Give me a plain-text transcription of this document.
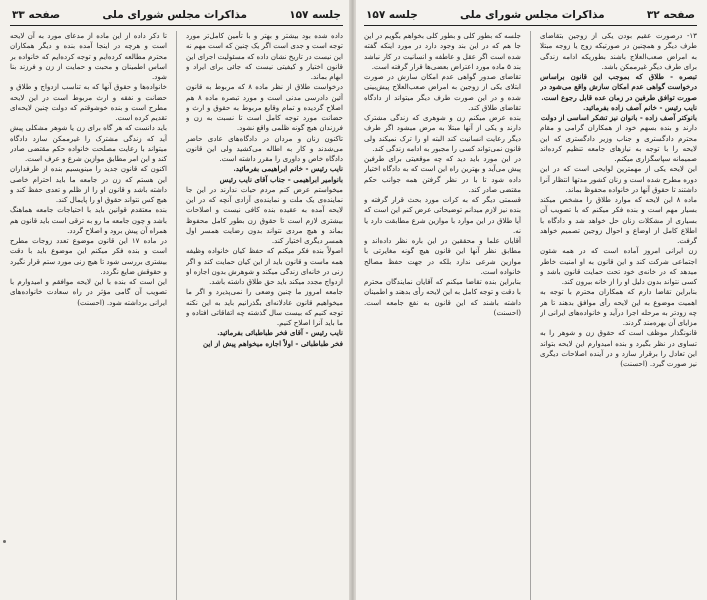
جلسه ۱۵۷
مذاکرات مجلس شورای ملی
صفحه ۳۳

داده شده بود بیشتر و بهتر و با تأمین کامل‌تر مورد توجه است و جدی است اگر یک چنین که است مهم نه این نیست در تاریخ نشان داده که مسئولیت اجرای این قانون اختیار و کیفیتی نیست که جائی برای ایراد و ابهام بماند.

درخواست طلاق از نظر ماده ۸ که مربوط به قانون آئین دادرسی مدنی است و مورد تبصره ماده ۸ هم اصلاح گردیده و تمام وقایع مربوط به حقوق و ارث و حضانت مورد توجه کامل است تا نسبت به زن و فرزندان هیچ گونه ظلمی واقع نشود.

تاکنون زنان و مردان در دادگاه‌های عادی حاضر می‌شدند و کار به اطاله می‌کشید ولی این قانون دادگاه خاص و داوری را مقرر داشته است.

نایب رئیس - خانم ابراهیمی بفرمائید.

بانوامیر ابراهیمی - جناب آقای نایب رئیس

میخواستم عرض کنم مردم حیات ندارند در این جا نماینده‌ی یک ملت و نماینده‌ی آزادی آنچه که در این لایحه آمده به عقیده بنده کافی نیست و اصلاحات بیشتری لازم است تا حقوق زن بطور کامل محفوظ بماند و هیچ مردی نتواند بدون رضایت همسر اول همسر دیگری اختیار کند.

اصولاً بنده فکر میکنم که حفظ کیان خانواده وظیفه همه ماست و قانون باید از این کیان حمایت کند و اگر زنی در خانه‌ای زندگی میکند و شوهرش بدون اجازه او ازدواج مجدد میکند باید حق طلاق داشته باشد.

جامعه امروز ما چنین وضعی را نمی‌پذیرد و اگر ما میخواهیم قانون عادلانه‌ای بگذرانیم باید به این نکته توجه کنیم که بیست سال گذشته چه اتفاقاتی افتاده و ما باید آنرا اصلاح کنیم.

نایب رئیس - آقای فخر طباطبائی بفرمائید.

فخر طباطبائی - اولاً اجازه میخواهم پیش از این

تا دکر داده از این ماده از مدعای مورد به آن لایحه است و هرچه در اینجا آمده بنده و دیگر همکاران محترم مطالعه کرده‌ایم و توجه کرده‌ایم که خانواده بر اساس اطمینان و محبت و حمایت از زن و فرزند بنا شود.

خانواده‌ها و حقوق آنها که به تناسب ازدواج و طلاق و حضانت و نفقه و ارث مربوط است در این لایحه مطرح است و بنده خوشوقتم که دولت چنین لایحه‌ای تقدیم کرده است.

باید دانست که هر گاه برای زن یا شوهر مشکلی پیش آید که زندگی مشترک را غیرممکن سازد دادگاه میتواند با رعایت مصلحت خانواده حکم مقتضی صادر کند و این امر مطابق موازین شرع و عرف است.

اکنون که قانون جدید را مینویسیم بنده از طرفداران این هستم که زن در جامعه ما باید احترام خاصی داشته باشد و قانون او را از ظلم و تعدی حفظ کند و هیچ کس نتواند حقوق او را پایمال کند.

بنده معتقدم قوانین باید با احتیاجات جامعه هماهنگ باشد و چون جامعه ما رو به ترقی است باید قانون هم همراه آن پیش برود و اصلاح گردد.

در ماده ۱۷ این قانون موضوع تعدد زوجات مطرح است و بنده فکر میکنم این موضوع باید با دقت بیشتری بررسی شود تا هیچ زنی مورد ستم قرار نگیرد و حقوقش ضایع نگردد.

این است که بنده با این لایحه موافقم و امیدوارم با تصویب آن گامی مؤثر در راه سعادت خانواده‌های ایرانی برداشته شود. (احسنت)

صفحه ۳۲
مذاکرات مجلس شورای ملی
جلسه ۱۵۷

۱۳- درصورت عقیم بودن یکی از زوجین بتقاضای طرف دیگر و همچنین در صورتیکه زوج یا زوجه مبتلا به امراض صعب‌العلاج باشند بطوریکه ادامه زندگی برای طرف دیگر غیرممکن باشد.

تبصره - طلاق که بموجب این قانون براساس درخواست گواهی عدم امکان سازش واقع می‌شود در صورت توافق طرفین در زمان عده قابل رجوع است.

نایب رئیس - خانم آصف زاده بفرمائید.

بانوکتر آصف زاده - بانوان نیز تشکر اساسی از دولت

دارند و بنده بسهم خود از همکاران گرامی و مقام محترم دادگستری و جناب وزیر دادگستری که این لایحه را با توجه به نیازهای جامعه تنظیم کرده‌اند صمیمانه سپاسگزاری میکنم.

این لایحه یکی از مهمترین لوایحی است که در این دوره مطرح شده است و زنان کشور مدتها انتظار آنرا داشتند تا حقوق آنها در خانواده محفوظ بماند.

ماده ۸ این لایحه که موارد طلاق را مشخص میکند بسیار مهم است و بنده فکر میکنم که با تصویب آن بسیاری از مشکلات زنان حل خواهد شد و دادگاه با اطلاع کامل از اوضاع و احوال زوجین تصمیم خواهد گرفت.

زن ایرانی امروز آماده است که در همه شئون اجتماعی شرکت کند و این قانون به او امنیت خاطر میدهد که در خانه‌ی خود تحت حمایت قانون باشد و کسی نتواند بدون دلیل او را از خانه بیرون کند.

بنابراین تقاضا دارم که همکاران محترم با توجه به اهمیت موضوع به این لایحه رأی موافق بدهند تا هر چه زودتر به مرحله اجرا درآید و خانواده‌های ایرانی از مزایای آن بهره‌مند گردند.

قانونگذار موظف است که حقوق زن و شوهر را به تساوی در نظر بگیرد و بنده امیدوارم این لایحه بتواند این تعادل را برقرار سازد و در آینده اصلاحات دیگری نیز صورت گیرد. (احسنت)

جلسه که بطور کلی و بطور کلی بخواهم بگویم در این جا هم که در این بند وجود دارد در مورد اینکه گفته شده است اگر عقل و عاطفه و انسانیت در کار نباشد بند ۵ ماده مورد اعتراض بعضی‌ها قرار گرفته است.

تقاضای صدور گواهی عدم امکان سازش در صورت ابتلای یکی از زوجین به امراض صعب‌العلاج پیش‌بینی شده و در این صورت طرف دیگر میتواند از دادگاه تقاضای طلاق کند.

بنده عرض میکنم زن و شوهری که زندگی مشترک دارند و یکی از آنها مبتلا به مرض میشود اگر طرف دیگر رعایت انسانیت کند البته او را ترک نمیکند ولی قانون نمی‌تواند کسی را مجبور به ادامه زندگی کند.

در این مورد باید دید که چه موقعیتی برای طرفین پیش می‌آید و بهترین راه این است که به دادگاه اختیار داده شود تا با در نظر گرفتن همه جوانب حکم مقتضی صادر کند.

قسمتی دیگر که به کرات مورد بحث قرار گرفته و بنده نیز لازم میدانم توضیحاتی عرض کنم این است که آیا طلاق در این موارد با موازین شرع مطابقت دارد یا نه.

آقایان علما و محققین در این باره نظر داده‌اند و مطابق نظر آنها این قانون هیچ گونه مغایرتی با موازین شرعی ندارد بلکه در جهت حفظ مصالح خانواده است.

بنابراین بنده تقاضا میکنم که آقایان نمایندگان محترم با دقت و توجه کامل به این لایحه رأی بدهند و اطمینان داشته باشند که این قانون به نفع جامعه است. (احسنت)
